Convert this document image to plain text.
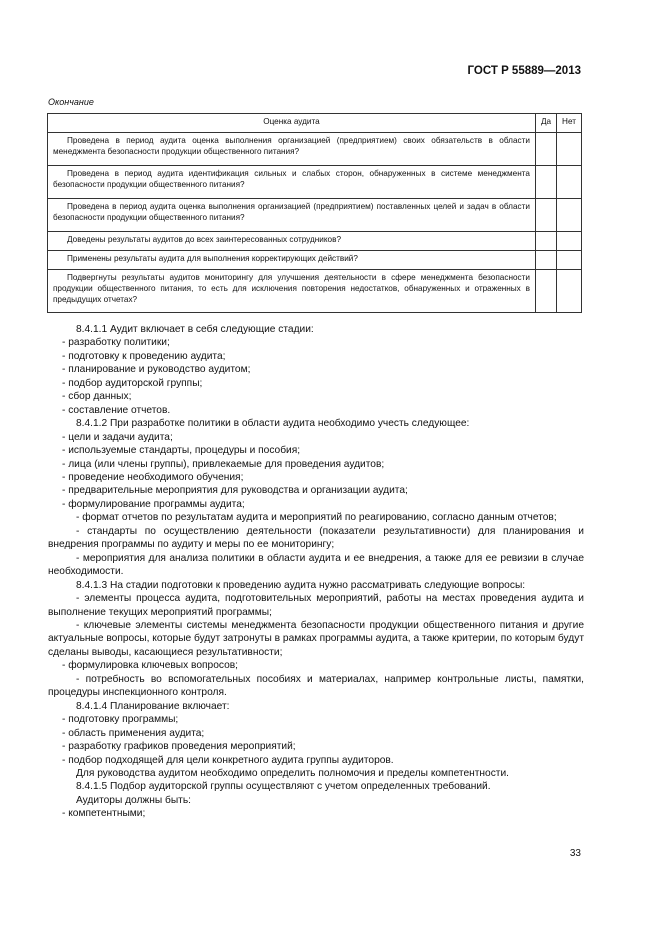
ГОСТ Р 55889—2013
Окончание
Оценка аудита	Да	Нет
Проведена в период аудита оценка выполнения организацией (предприятием) своих обязательств в области менеджмента безопасности продукции общественного питания?		
Проведена в период аудита идентификация сильных и слабых сторон, обнаруженных в системе менеджмента безопасности продукции общественного питания?		
Проведена в период аудита оценка выполнения организацией (предприятием) поставленных целей и задач в области безопасности продукции общественного питания?		
Доведены результаты аудитов до всех заинтересованных сотрудников?		
Применены результаты аудита для выполнения корректирующих действий?		
Подвергнуты результаты аудитов мониторингу для улучшения деятельности в сфере менеджмента безопасности продукции общественного питания, то есть для исключения повторения недостатков, обнаруженных и отраженных в предыдущих отчетах?		

8.4.1.1 Аудит включает в себя следующие стадии:

- разработку политики;

- подготовку к проведению аудита;

- планирование и руководство аудитом;

- подбор аудиторской группы;

- сбор данных;

- составление отчетов.

8.4.1.2 При разработке политики в области аудита необходимо учесть следующее:

- цели и задачи аудита;

- используемые стандарты, процедуры и пособия;

- лица (или члены группы), привлекаемые для проведения аудитов;

- проведение необходимого обучения;

- предварительные мероприятия для руководства и организации аудита;

- формулирование программы аудита;

- формат отчетов по результатам аудита и мероприятий по реагированию, согласно данным отчетов;

- стандарты по осуществлению деятельности (показатели результативности) для планирования и внедрения программы по аудиту и меры по ее мониторингу;

- мероприятия для анализа политики в области аудита и ее внедрения, а также для ее ревизии в случае необходимости.

8.4.1.3 На стадии подготовки к проведению аудита нужно рассматривать следующие вопросы:

- элементы процесса аудита, подготовительных мероприятий, работы на местах проведения аудита и выполнение текущих мероприятий программы;

- ключевые элементы системы менеджмента безопасности продукции общественного питания и другие актуальные вопросы, которые будут затронуты в рамках программы аудита, а также критерии, по которым будут сделаны выводы, касающиеся результативности;

- формулировка ключевых вопросов;

- потребность во вспомогательных пособиях и материалах, например контрольные листы, памятки, процедуры инспекционного контроля.

8.4.1.4 Планирование включает:

- подготовку программы;

- область применения аудита;

- разработку графиков проведения мероприятий;

- подбор подходящей для цели конкретного аудита группы аудиторов.

Для руководства аудитом необходимо определить полномочия и пределы компетентности.

8.4.1.5 Подбор аудиторской группы осуществляют с учетом определенных требований.

Аудиторы должны быть:

- компетентными;

33
